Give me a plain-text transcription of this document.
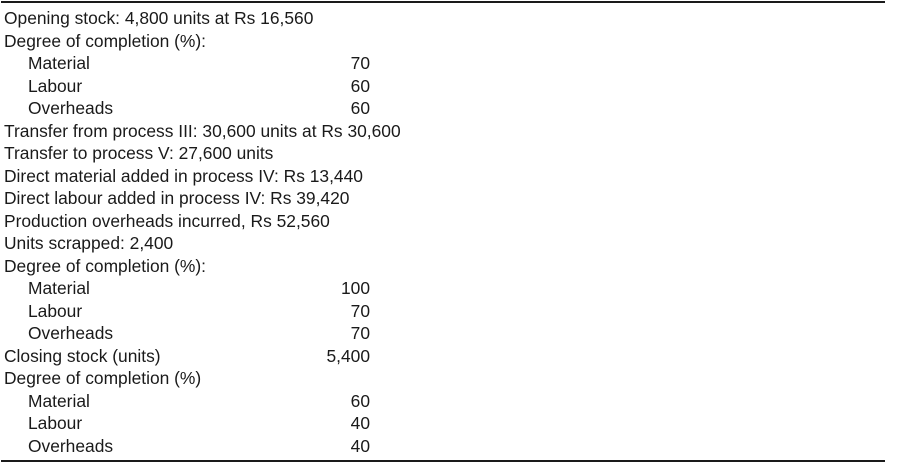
Opening stock: 4,800 units at Rs 16,560
Degree of completion (%):
Material	70
Labour	60
Overheads	60
Transfer from process III: 30,600 units at Rs 30,600
Transfer to process V: 27,600 units
Direct material added in process IV: Rs 13,440
Direct labour added in process IV: Rs 39,420
Production overheads incurred, Rs 52,560
Units scrapped: 2,400
Degree of completion (%):
Material	100
Labour	70
Overheads	70
Closing stock (units)	5,400
Degree of completion (%)
Material	60
Labour	40
Overheads	40
